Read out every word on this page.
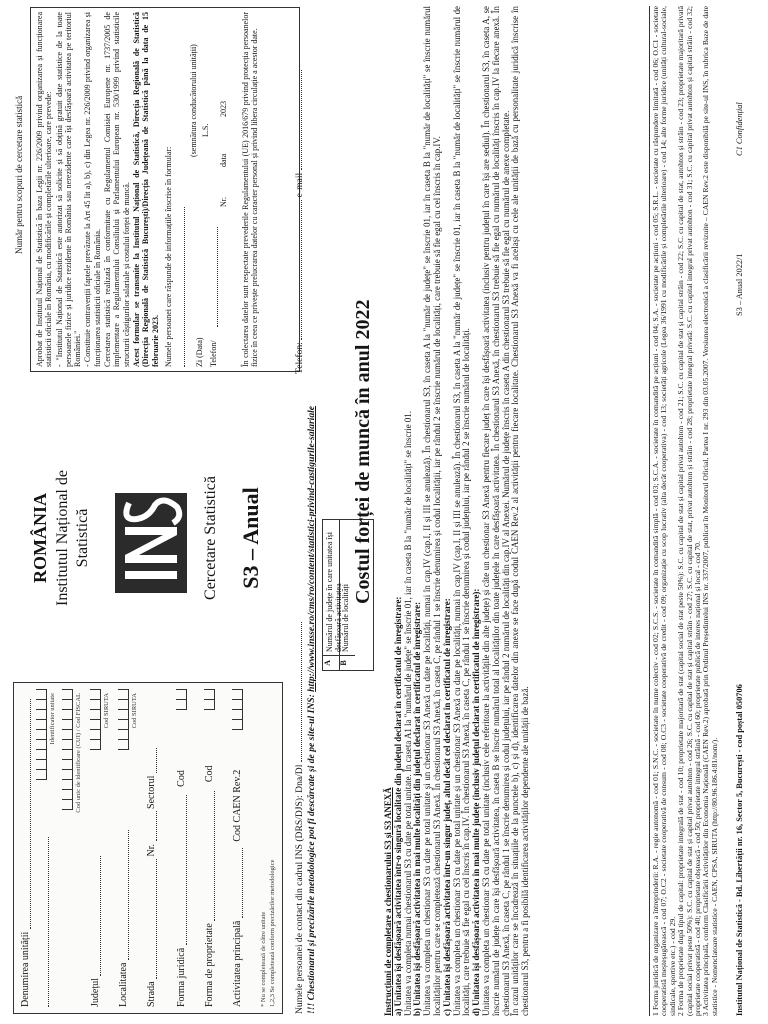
Denumirea unității
Identificator unitate	Cod unic de identificare (CUI) / Cod FISCAL
Județul
Cod SIRUTA
Localitatea
Cod SIRUTA
Strada  Nr.  Sectorul
Forma juridică  Cod
Forma de proprietate  Cod
Activitatea principală  Cod CAEN Rev.2
* Nu se completează de către unitate 1,2,3 Se completează conform precizărilor metodologice
ROMÂNIA Institutul Național de Statistică	Cercetare Statistică S3 – Anual
Număr pentru scopuri de cercetare statistică Aprobat de Institutul Național de Statistică în baza Legii nr. 226/2009 privind organizarea și funcționarea statisticii oficiale în România, cu modificările și completările ulterioare, care prevede: - "Institutul Național de Statistică este autorizat să solicite și să obțină gratuit date statistice de la toate persoanele fizice și juridice rezidente în România sau nerezidente care își desfășoară activitatea pe teritoriul României." - Constituie contravenții faptele prevăzute la Art 45 lit a), b), c) din Legea nr. 226/2009 privind organizarea și funcționarea statisticii oficiale în România. Cercetarea statistică realizată în conformitate cu Regulamentul Comisiei Europene nr. 1737/2005 de implementare a Regulamentului Consiliului și Parlamentului European nr. 530/1999 privind statisticile structurii câștigurilor salariale și costului forței de muncă. Acest formular se transmite la Institutul Național de Statistică, Direcția Regională de Statistică (Direcția Regională de Statistică București)/Direcția Județeană de Statistică până la data de 15 februarie 2023. Numele persoanei care răspunde de informațiile înscrise în formular:	Zi (Data) Telefon/
Nr.
data
2023
(semnătura conducătorului unității) L.S.	În colectarea datelor sunt respectate prevederile Regulamentului (UE) 2016/679 privind protecția persoanelor fizice în ceea ce privește prelucrarea datelor cu caracter personal și privind libera circulație a acestor date.

Numele persoanei de contact din cadrul INS (DRS/DJS): Dna/Dl
Telefon:  e-mail
!!! Chestionarul și precizările metodologice pot fi descărcate și de pe site-ul INS: http://www.insse.ro/cms/ro/content/statistici-privind-castigurile-salariale A
Numărul de județe în care unitatea își desfășoară activitatea
B
Numărul de localități
Costul forței de muncă în anul 2022

Instrucțiuni de completare a chestionarului S3 și S3 ANEXĂ a) Unitatea își desfășoară activitatea într-o singură localitate din județul declarat în certificatul de înregistrare: Unitatea va completa numai chestionarul S3 cu date pe total unitate. În caseta A1 la "numărul de județe" se înscrie 01, iar în caseta B la "număr de localități" se înscrie 01. b) Unitatea își desfășoară activitatea în mai multe localități din județul declarat în certificatul de înregistrare: Unitatea va completa un chestionar S3 cu date pe total unitate și un chestionar S3 Anexă cu date pe localități, numai în cap.IV (cap.I, II și III se anulează). În chestionarul S3, în caseta A la "număr de județe" se înscrie 01, iar în caseta B la "număr de localități" se înscrie numărul localităților pentru care se completează chestionarul S3 Anexă. În chestionarul S3 Anexă, în caseta C, pe rândul 1 se înscrie denumirea și codul localității, iar pe rândul 2 se înscrie numărul de localități, care trebuie să fie egal cu cel înscris în cap.IV. c) Unitatea își desfășoară activitatea într-un singur județ, altul decât cel declarat în certificatul de înregistrare: Unitatea va completa un chestionar S3 cu date pe total unitate și un chestionar S3 Anexă cu date pe localități, numai în cap.IV (cap.I, II și III se anulează). În chestionarul S3, în caseta A la "număr de județe" se înscrie 01, iar în caseta B la "număr de localități" se înscrie numărul de localități, care trebuie să fie egal cu cel înscris în cap.IV. În chestionarul S3 Anexă, în caseta C, pe rândul 1 se înscrie denumirea și codul județului, iar pe rândul 2 se înscrie numărul de localități. d) Unitatea își desfășoară activitatea în mai multe județe (inclusiv județul declarat în certificatul de înregistrare): Unitatea va completa un chestionar S3 cu date pe total unitate (inclusiv cele referitoare la activitățile din alte județe) și câte un chestionar S3 Anexă pentru fiecare județ în care își desfășoară activitatea (inclusiv pentru județul în care își are sediul). În chestionarul S3, în caseta A, se înscrie numărul de județe în care își desfășoară activitatea, în caseta B se înscrie numărul total al localităților din toate județele în care desfășoară activitatea. În chestionarul S3 Anexă, în chestionarul S3 trebuie să fie egal cu numărul de localități înscris în cap.IV la fiecare anexă. În chestionarul S3 Anexă, în caseta C, pe rândul 1 se înscrie denumirea și codul județului, iar pe rândul 2 numărul de localități din cap.IV al Anexei. Numărul de județe înscris în caseta A din chestionarul S3 trebuie să fie egal cu numărul de anexe completate. În cazul unităților care se încadrează în situațiile de la punctele b), c) și d), identificarea datelor din anexe se face după codul CAEN Rev.2 al activității pentru fiecare localitate. Chestionarul S3 Anexă va fi același cu cele ale unității de bază cu personalitate juridică înscrise în chestionarul S3, pentru a fi posibilă identificarea activităților dependente ale unității de bază.	1 Forma juridică de organizare a întreprinderii: R.A. - regie autonomă - cod 01; S.N.C. - societate în nume colectiv - cod 02; S.C.S. - societate în comandită simplă - cod 03; S.C.A. - societate în comandită pe acțiuni - cod 04; S.A. - societate pe acțiuni - cod 05; S.R.L. - societate cu răspundere limitată - cod 06; O.C1 - societate cooperatistă meșteșugărească - cod 07; O.C2 - societate cooperativă de consum - cod 08; O.C3 - societate cooperativă de credit - cod 09; organizație cu scop lucrativ (alta decât cooperativa) - cod 13; societăți agricole (Legea 36/1991 cu modificările și completările ulterioare) - cod 14; alte forme juridice (unități cultural-sociale, sindicale, sportive etc.) - cod 29. 2 Forma de proprietate după tipul de capital: proprietate integrală de stat - cod 10; proprietate majoritară de stat (capital social de stat peste 50%): S.C. cu capital de stat și capital privat autohton - cod 21; S.C. cu capital de stat și capital străin - cod 22; S.C. cu capital de stat, autohton și străin - cod 23; proprietate majoritară privată (capital social privat peste 50%): S.C. cu capital de stat și capital privat autohton - cod 26; S.C. cu capital de stat și capital străin - cod 27; S.C. cu capital de stat, privat autohton și străin - cod 28; proprietate integral privată: S.C. cu capital integral privat autohton - cod 31; S.C. cu capital privat autohton și capital străin - cod 32; proprietate cooperatistă - cod 40; proprietate obștească - cod 50; proprietate integral străină - cod 60; proprietate publică de interes național și local - cod 70. 3 Activitatea principală, conform Clasificării Activităților din Economia Națională (CAEN Rev.2) aprobată prin Ordinul Președintelui INS nr. 337/2007, publicat în Monitorul Oficial, Partea I nr. 293 din 03.05.2007. Versiunea electronică a clasificării revizuite – CAEN Rev.2 este disponibilă pe site-ul INS, în rubrica Baze de date statistice - Nomenclatoare statistice - CAEN, CPSA, SIRUTA (http://80.96.186.4:81/nom/). Institutul Național de Statistică - Bd. Libertății nr. 16, Sector 5, București - cod poștal 050706
S3 – Anual 2022/1
C1 Confidențial
